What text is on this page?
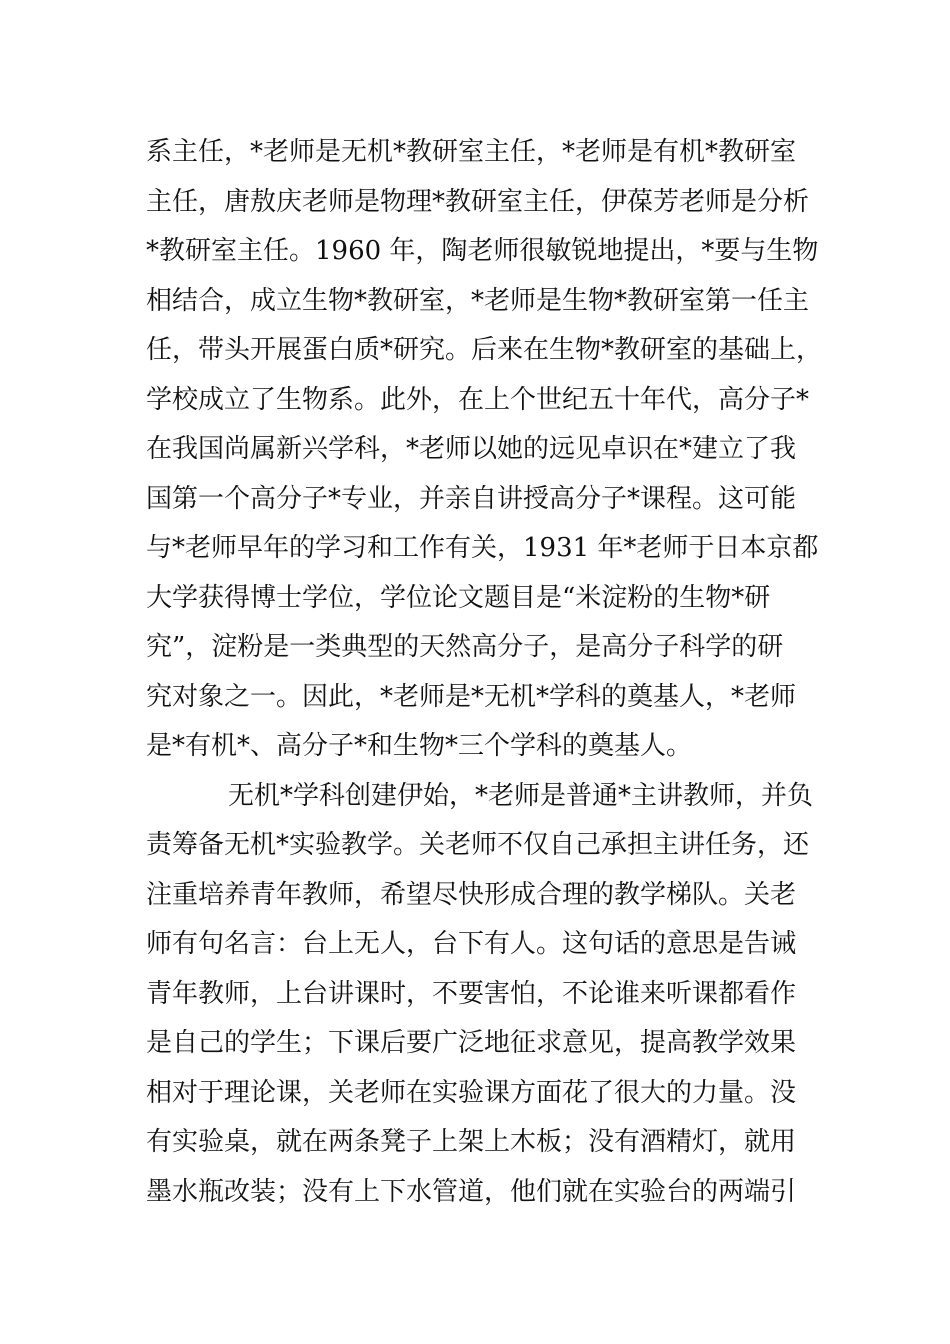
系主任，*老师是无机*教研室主任，*老师是有机*教研室
主任，唐敖庆老师是物理*教研室主任，伊葆芳老师是分析
*教研室主任。1960 年，陶老师很敏锐地提出，*要与生物
相结合，成立生物*教研室，*老师是生物*教研室第一任主
任，带头开展蛋白质*研究。后来在生物*教研室的基础上，
学校成立了生物系。此外，在上个世纪五十年代，高分子*
在我国尚属新兴学科，*老师以她的远见卓识在*建立了我
国第一个高分子*专业，并亲自讲授高分子*课程。这可能
与*老师早年的学习和工作有关，1931 年*老师于日本京都
大学获得博士学位，学位论文题目是“米淀粉的生物*研
究”，淀粉是一类典型的天然高分子，是高分子科学的研
究对象之一。因此，*老师是*无机*学科的奠基人，*老师
是*有机*、高分子*和生物*三个学科的奠基人。
无机*学科创建伊始，*老师是普通*主讲教师，并负
责筹备无机*实验教学。关老师不仅自己承担主讲任务，还
注重培养青年教师，希望尽快形成合理的教学梯队。关老
师有句名言：台上无人，台下有人。这句话的意思是告诫
青年教师，上台讲课时，不要害怕，不论谁来听课都看作
是自己的学生；下课后要广泛地征求意见，提高教学效果
相对于理论课，关老师在实验课方面花了很大的力量。没
有实验桌，就在两条凳子上架上木板；没有酒精灯，就用
墨水瓶改装；没有上下水管道，他们就在实验台的两端引
